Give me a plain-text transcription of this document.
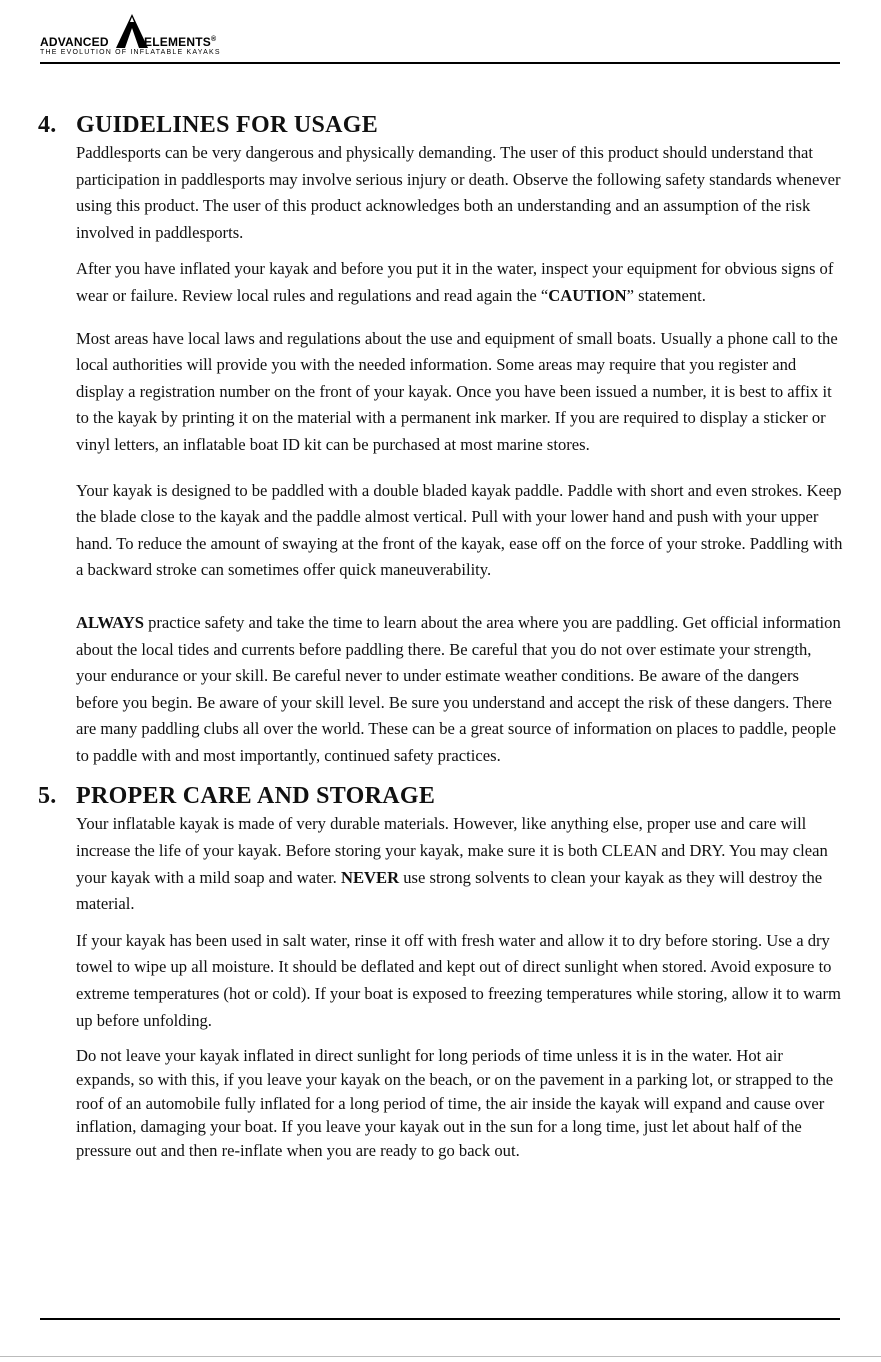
ADVANCED	ELEMENTS®
THE EVOLUTION OF INFLATABLE KAYAKS
4. GUIDELINES FOR USAGE

Paddlesports can be very dangerous and physically demanding. The user of this product should understand that participation in paddlesports may involve serious injury or death. Observe the following safety standards whenever using this product. The user of this product acknowledges both an understanding and an assumption of the risk involved in paddlesports.

After you have inflated your kayak and before you put it in the water, inspect your equipment for obvious signs of wear or failure. Review local rules and regulations and read again the “CAUTION” statement.

Most areas have local laws and regulations about the use and equipment of small boats. Usually a phone call to the local authorities will provide you with the needed information. Some areas may require that you register and display a registration number on the front of your kayak. Once you have been issued a number, it is best to affix it to the kayak by printing it on the material with a permanent ink marker. If you are required to display a sticker or vinyl letters, an inflatable boat ID kit can be purchased at most marine stores.

Your kayak is designed to be paddled with a double bladed kayak paddle. Paddle with short and even strokes. Keep the blade close to the kayak and the paddle almost vertical. Pull with your lower hand and push with your upper hand. To reduce the amount of swaying at the front of the kayak, ease off on the force of your stroke. Paddling with a backward stroke can sometimes offer quick maneuverability.

ALWAYS practice safety and take the time to learn about the area where you are paddling. Get official information about the local tides and currents before paddling there. Be careful that you do not over estimate your strength, your endurance or your skill. Be careful never to under estimate weather conditions. Be aware of the dangers before you begin. Be aware of your skill level. Be sure you understand and accept the risk of these dangers. There are many paddling clubs all over the world. These can be a great source of information on places to paddle, people to paddle with and most importantly, continued safety practices.

5. PROPER CARE AND STORAGE

Your inflatable kayak is made of very durable materials. However, like anything else, proper use and care will increase the life of your kayak. Before storing your kayak, make sure it is both CLEAN and DRY. You may clean your kayak with a mild soap and water. NEVER use strong solvents to clean your kayak as they will destroy the material.

If your kayak has been used in salt water, rinse it off with fresh water and allow it to dry before storing. Use a dry towel to wipe up all moisture. It should be deflated and kept out of direct sunlight when stored. Avoid exposure to extreme temperatures (hot or cold). If your boat is exposed to freezing temperatures while storing, allow it to warm up before unfolding.

Do not leave your kayak inflated in direct sunlight for long periods of time unless it is in the water. Hot air expands, so with this, if you leave your kayak on the beach, or on the pavement in a parking lot, or strapped to the roof of an automobile fully inflated for a long period of time, the air inside the kayak will expand and cause over inflation, damaging your boat. If you leave your kayak out in the sun for a long time, just let about half of the pressure out and then re-inflate when you are ready to go back out.
